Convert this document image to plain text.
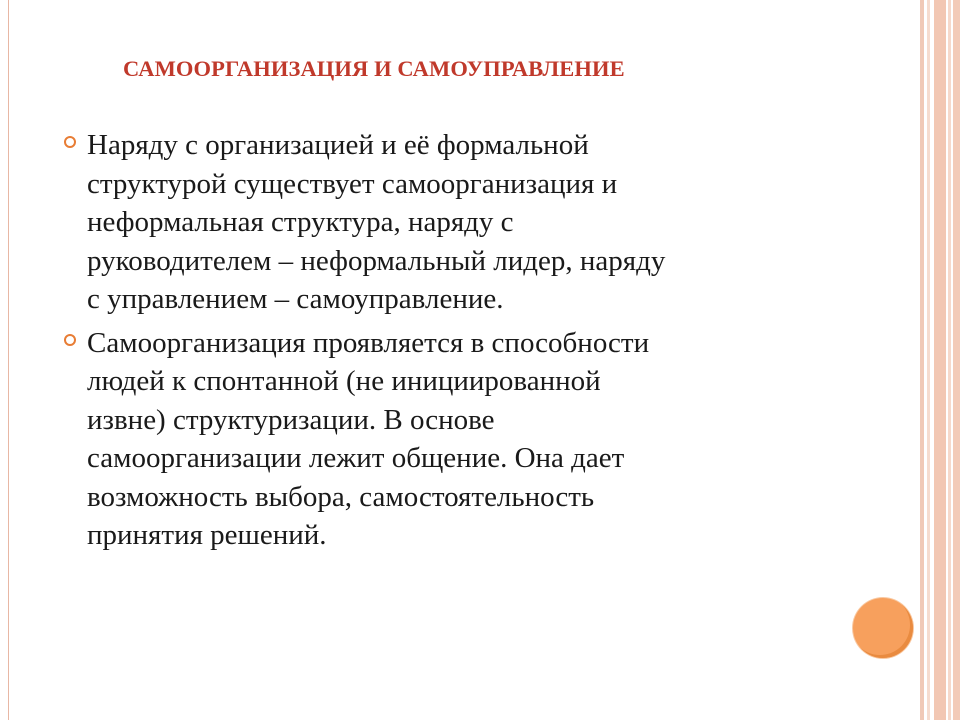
САМООРГАНИЗАЦИЯ И САМОУПРАВЛЕНИЕ
Наряду с организацией и её формальной
структурой существует самоорганизация и
неформальная структура, наряду с
руководителем – неформальный лидер, наряду
с управлением – самоуправление.
Самоорганизация проявляется в способности
людей к спонтанной (не инициированной
извне) структуризации. В основе
самоорганизации лежит общение. Она дает
возможность выбора, самостоятельность
принятия решений.
